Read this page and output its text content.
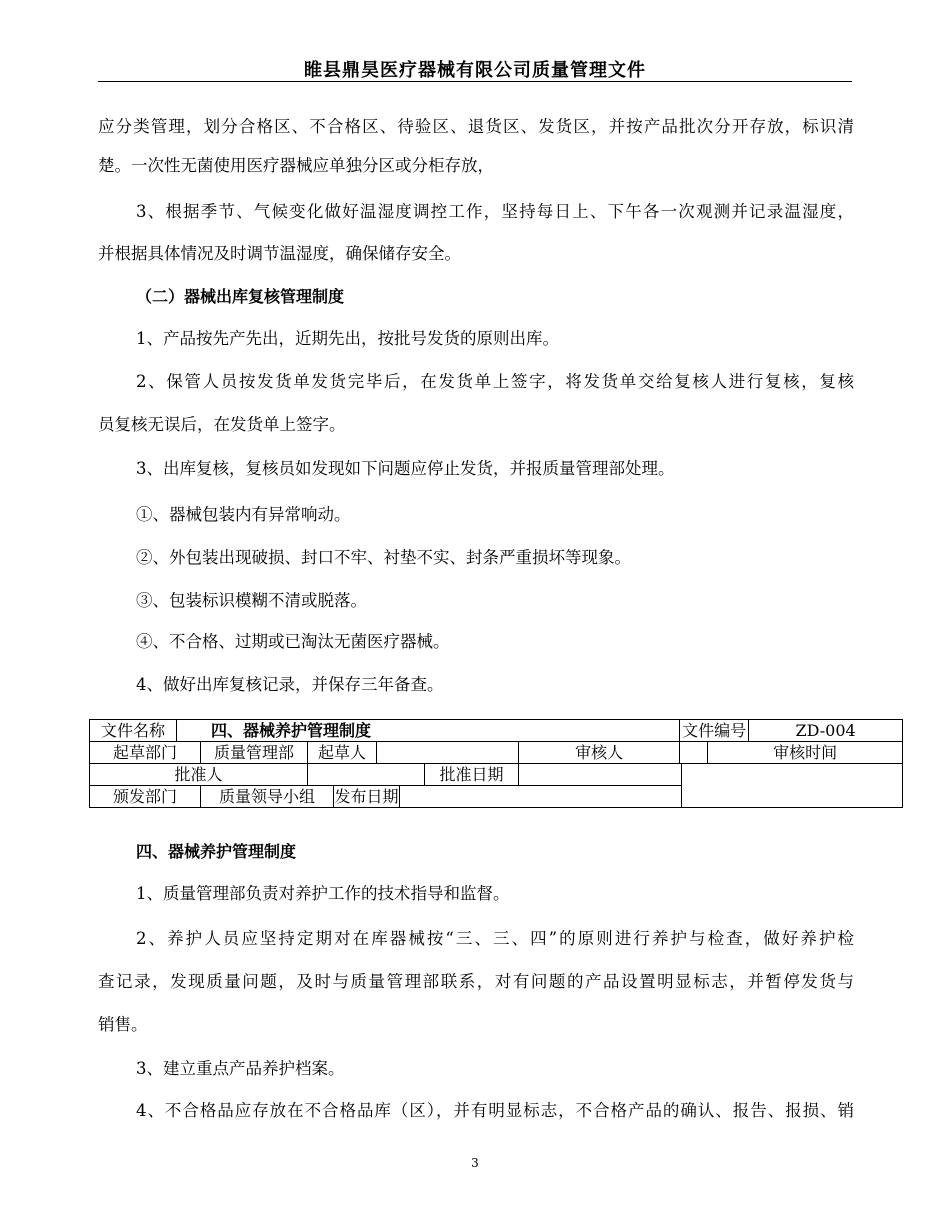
睢县鼎昊医疗器械有限公司质量管理文件
应分类管理，划分合格区、不合格区、待验区、退货区、发货区，并按产品批次分开存放，标识清
楚。一次性无菌使用医疗器械应单独分区或分柜存放，
3、根据季节、气候变化做好温湿度调控工作，坚持每日上、下午各一次观测并记录温湿度，
并根据具体情况及时调节温湿度，确保储存安全。
（二）器械出库复核管理制度
1、产品按先产先出，近期先出，按批号发货的原则出库。
2、保管人员按发货单发货完毕后，在发货单上签字，将发货单交给复核人进行复核，复核
员复核无误后，在发货单上签字。
3、出库复核，复核员如发现如下问题应停止发货，并报质量管理部处理。
①、器械包装内有异常响动。
②、外包装出现破损、封口不牢、衬垫不实、封条严重损坏等现象。
③、包装标识模糊不清或脱落。
④、不合格、过期或已淘汰无菌医疗器械。
4、做好出库复核记录，并保存三年备查。
文件名称	四、器械养护管理制度								文件编号			ZD-004
起草部门		质量管理部	起草人					审核人			审核时间	
批准人							批准日期					
颁发部门		质量领导小组		发布日期								
四、器械养护管理制度
1、质量管理部负责对养护工作的技术指导和监督。
2、养护人员应坚持定期对在库器械按“三、三、四”的原则进行养护与检查，做好养护检
查记录，发现质量问题，及时与质量管理部联系，对有问题的产品设置明显标志，并暂停发货与
销售。
3、建立重点产品养护档案。
4、不合格品应存放在不合格品库（区），并有明显标志，不合格产品的确认、报告、报损、销
3
